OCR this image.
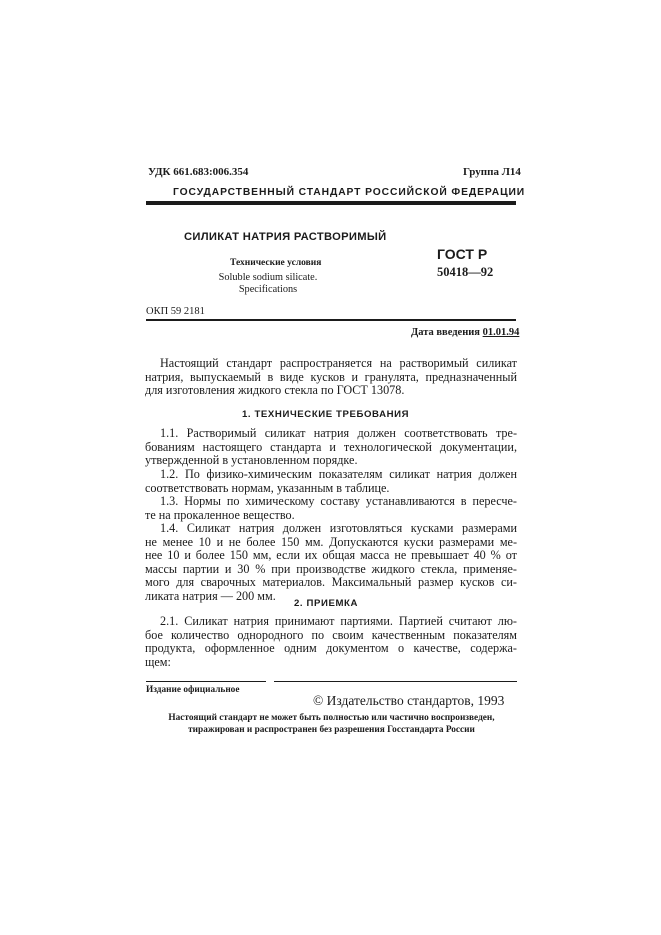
УДК 661.683:006.354	Группа Л14
ГОСУДАРСТВЕННЫЙ СТАНДАРТ РОССИЙСКОЙ ФЕДЕРАЦИИ
СИЛИКАТ НАТРИЯ РАСТВОРИМЫЙ
Технические условия
Soluble sodium silicate.
Specifications
ГОСТ Р
50418—92
ОКП 59 2181
Дата введения 01.01.94
Настоящий стандарт распространяется на растворимый силикат
натрия, выпускаемый в виде кусков и гранулята, предназначенный
для изготовления жидкого стекла по ГОСТ 13078.
1. ТЕХНИЧЕСКИЕ ТРЕБОВАНИЯ
1.1. Растворимый силикат натрия должен соответствовать тре-
бованиям настоящего стандарта и технологической документации,
утвержденной в установленном порядке.
1.2. По физико-химическим показателям силикат натрия должен
соответствовать нормам, указанным в таблице.
1.3. Нормы по химическому составу устанавливаются в пересче-
те на прокаленное вещество.
1.4. Силикат натрия должен изготовляться кусками размерами
не менее 10 и не более 150 мм. Допускаются куски размерами ме-
нее 10 и более 150 мм, если их общая масса не превышает 40 % от
массы партии и 30 % при производстве жидкого стекла, применяе-
мого для сварочных материалов. Максимальный размер кусков си-
ликата натрия — 200 мм.
2. ПРИЕМКА
2.1. Силикат натрия принимают партиями. Партией считают лю-
бое количество однородного по своим качественным показателям
продукта, оформленное одним документом о качестве, содержа-
щем:
Издание официальное
© Издательство стандартов, 1993
Настоящий стандарт не может быть полностью или частично воспроизведен,
тиражирован и распространен без разрешения Госстандарта России
